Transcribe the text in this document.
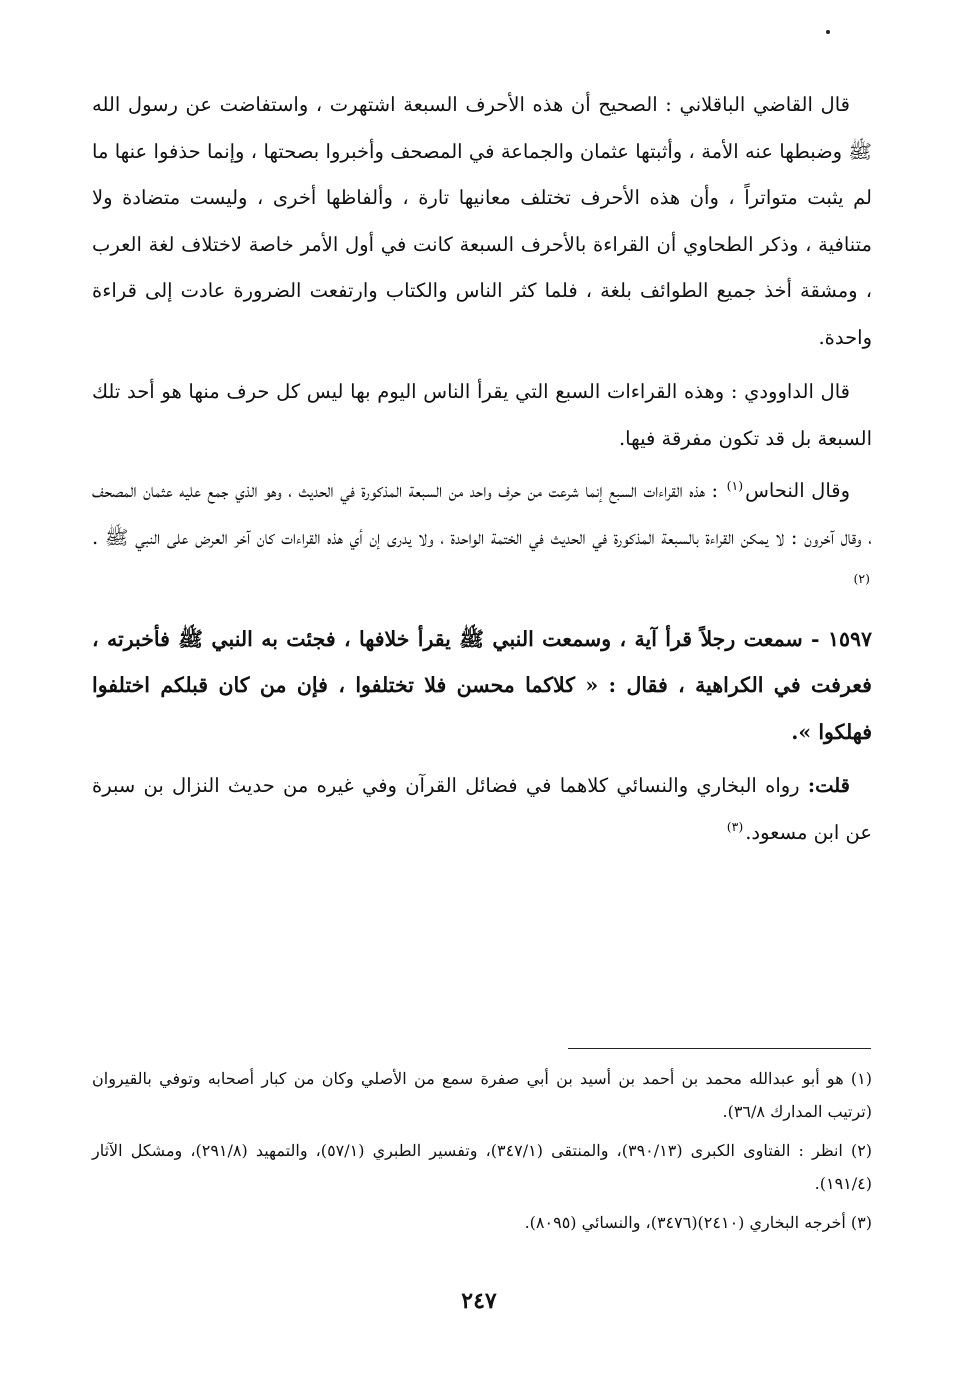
قال القاضي الباقلاني : الصحيح أن هذه الأحرف السبعة اشتهرت ، واستفاضت عن رسول الله ﷺ وضبطها عنه الأمة ، وأثبتها عثمان والجماعة في المصحف وأخبروا بصحتها ، وإنما حذفوا عنها ما لم يثبت متواتراً ، وأن هذه الأحرف تختلف معانيها تارة ، وألفاظها أخرى ، وليست متضادة ولا متنافية ، وذكر الطحاوي أن القراءة بالأحرف السبعة كانت في أول الأمر خاصة لاختلاف لغة العرب ، ومشقة أخذ جميع الطوائف بلغة ، فلما كثر الناس والكتاب وارتفعت الضرورة عادت إلى قراءة واحدة.

قال الداوودي : وهذه القراءات السبع التي يقرأ الناس اليوم بها ليس كل حرف منها هو أحد تلك السبعة بل قد تكون مفرقة فيها.

وقال النحاس$^{(١)}$ : هذه القراءات السبع إنما شرعت من حرف واحد من السبعة المذكورة في الحديث ، وهو الذي جمع عليه عثمان المصحف ، وقال آخرون : لا يمكن القراءة بالسبعة المذكورة في الحديث في الختمة الواحدة ، ولا يدرى إن أي هذه القراءات كان آخر العرض على النبي ﷺ .$^{(٢)}$

١٥٩٧ - سمعت رجلاً قرأ آية ، وسمعت النبي ﷺ يقرأ خلافها ، فجئت به النبي ﷺ فأخبرته ، فعرفت في الكراهية ، فقال : « كلاكما محسن فلا تختلفوا ، فإن من كان قبلكم اختلفوا فهلكوا ».

قلت: رواه البخاري والنسائي كلاهما في فضائل القرآن وفي غيره من حديث النزال بن سبرة عن ابن مسعود.$^{(٣)}$

(١) هو أبو عبدالله محمد بن أحمد بن أسيد بن أبي صفرة سمع من الأصلي وكان من كبار أصحابه وتوفي بالقيروان (ترتيب المدارك ٣٦/٨).

(٢) انظر : الفتاوى الكبرى (٣٩٠/١٣)، والمنتقى (٣٤٧/١)، وتفسير الطبري (٥٧/١)، والتمهيد (٢٩١/٨)، ومشكل الآثار (١٩١/٤).

(٣) أخرجه البخاري (٢٤١٠)(٣٤٧٦)، والنسائي (٨٠٩٥).

٢٤٧
